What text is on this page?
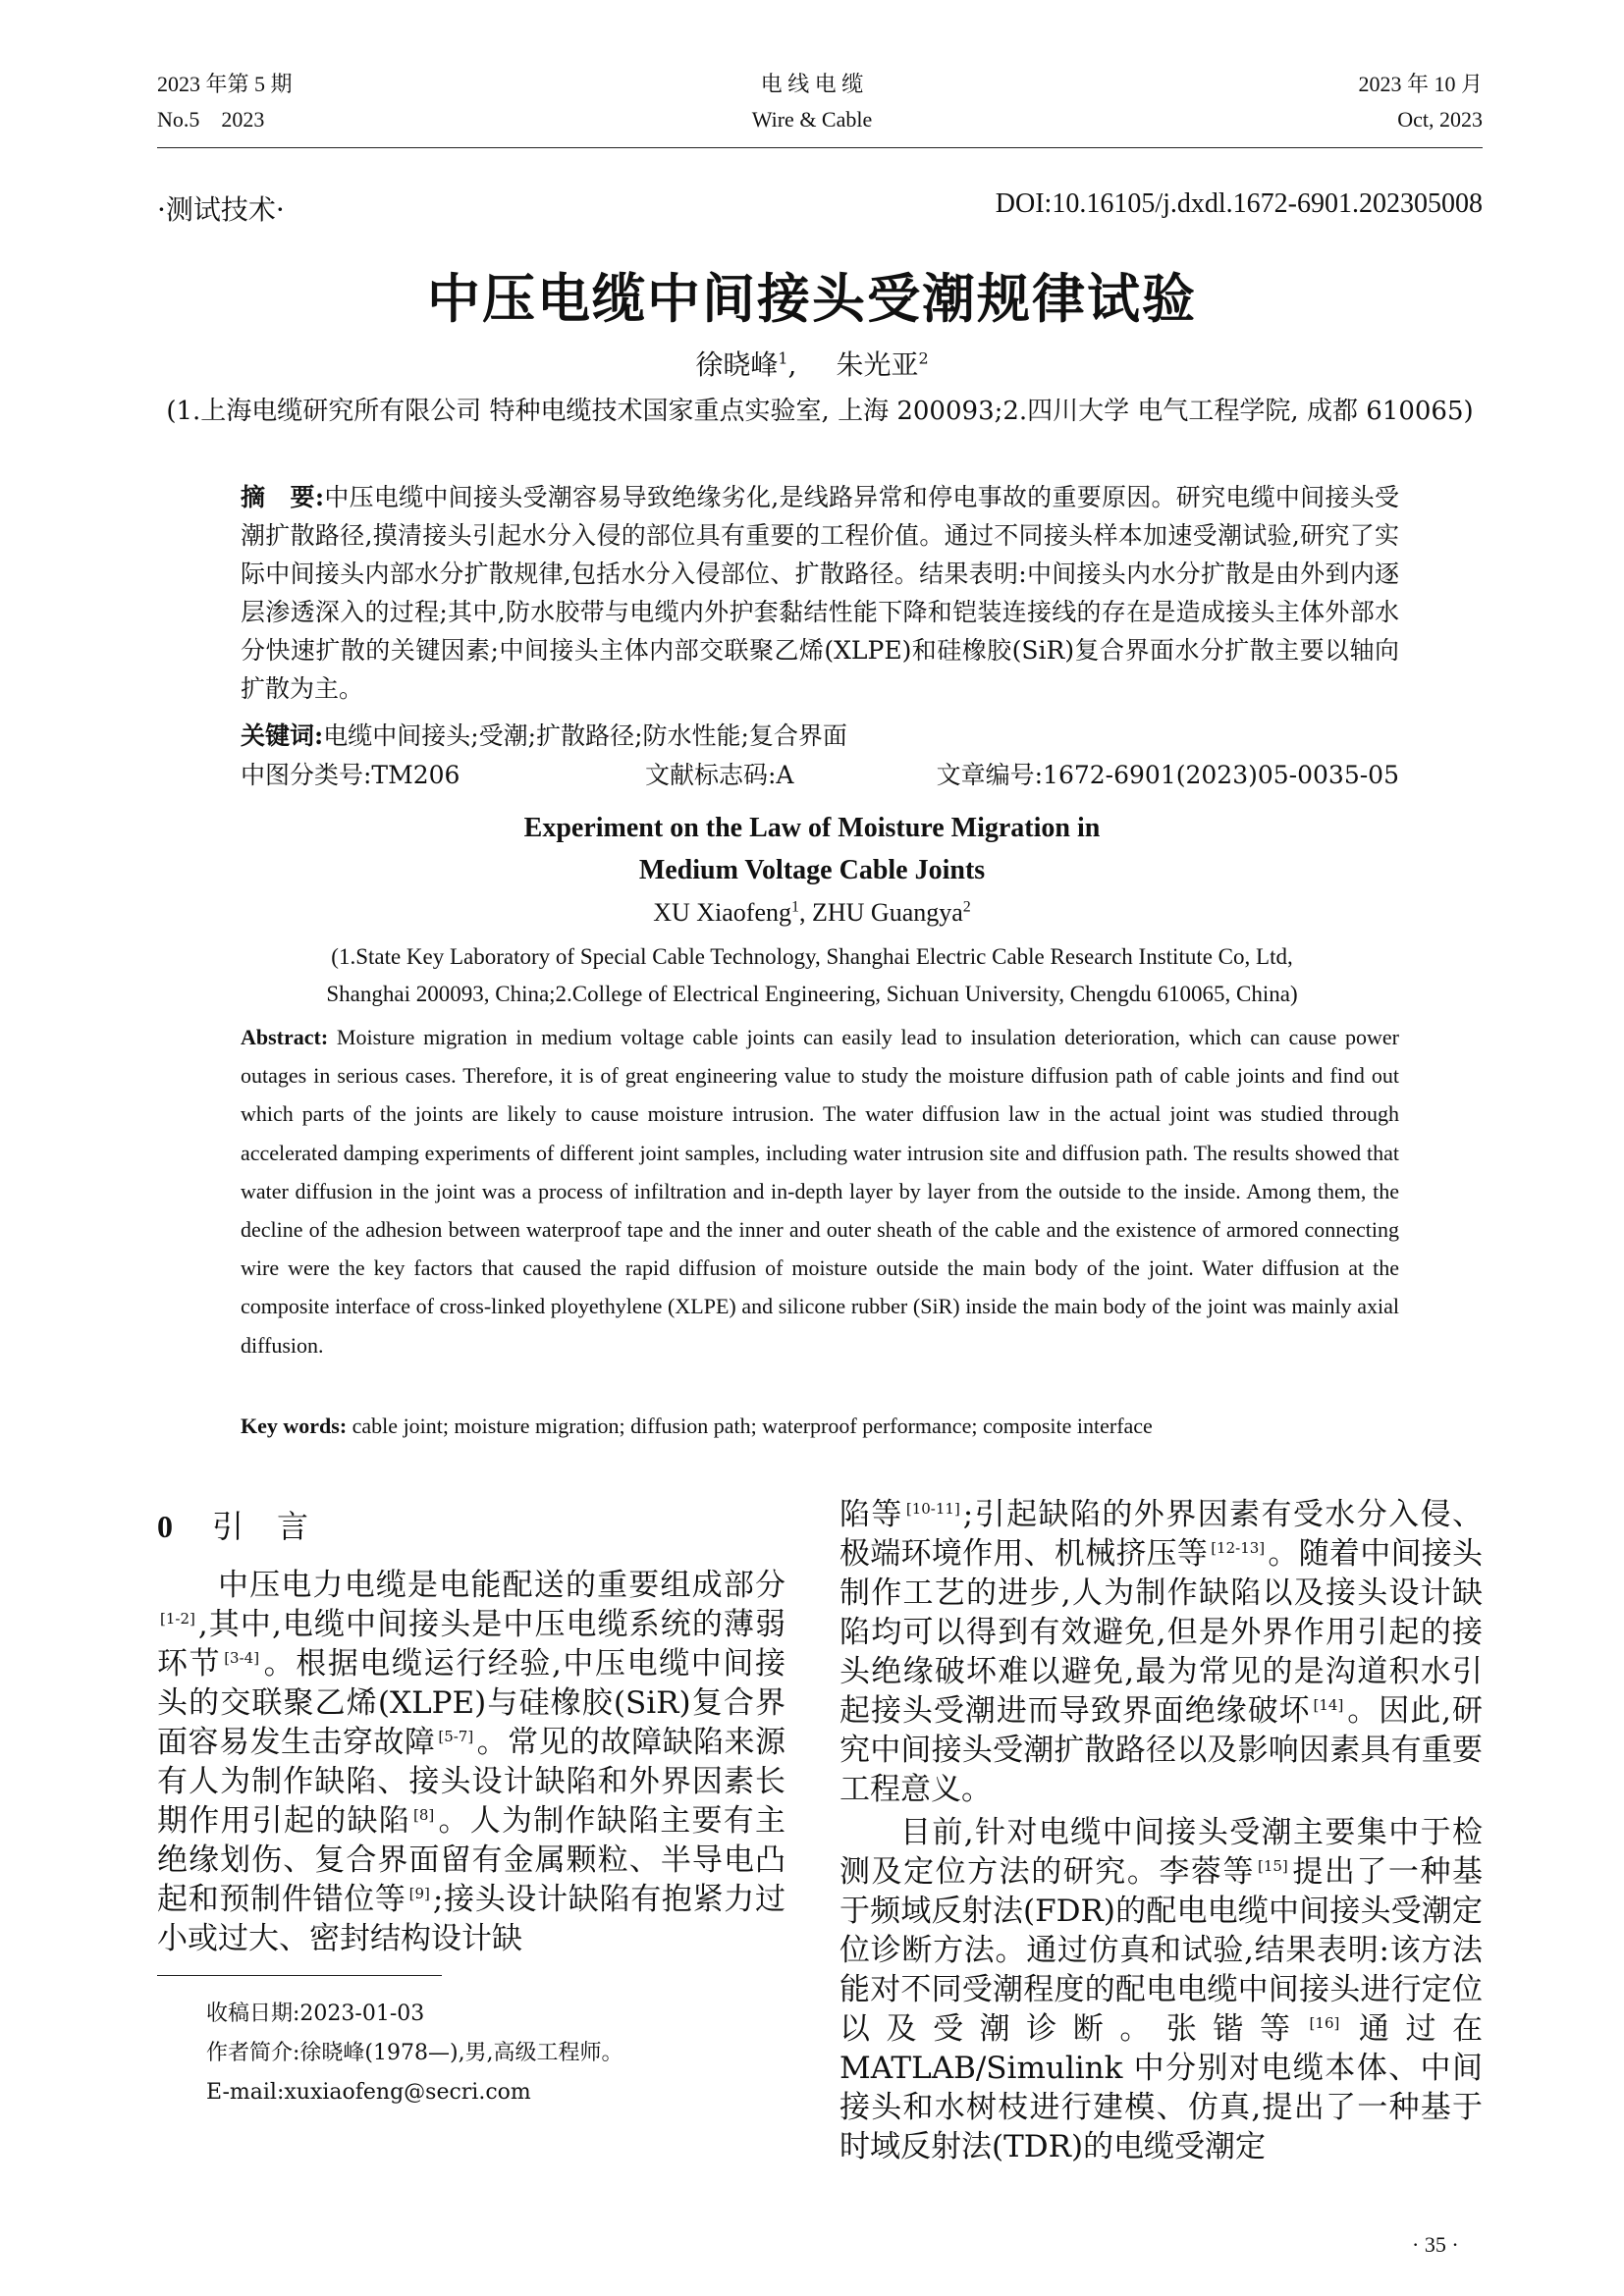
2023 年第 5 期
No.5    2023
电 线 电 缆
Wire & Cable
2023 年 10 月
Oct, 2023
·测试技术·	DOI:10.16105/j.dxdl.1672-6901.202305008
中压电缆中间接头受潮规律试验
徐晓峰$^1$, 朱光亚$^2$
(1.上海电缆研究所有限公司 特种电缆技术国家重点实验室, 上海 200093;2.四川大学 电气工程学院, 成都 610065)
摘　要:中压电缆中间接头受潮容易导致绝缘劣化,是线路异常和停电事故的重要原因。研究电缆中间接头受潮扩散路径,摸清接头引起水分入侵的部位具有重要的工程价值。通过不同接头样本加速受潮试验,研究了实际中间接头内部水分扩散规律,包括水分入侵部位、扩散路径。结果表明:中间接头内水分扩散是由外到内逐层渗透深入的过程;其中,防水胶带与电缆内外护套黏结性能下降和铠装连接线的存在是造成接头主体外部水分快速扩散的关键因素;中间接头主体内部交联聚乙烯(XLPE)和硅橡胶(SiR)复合界面水分扩散主要以轴向扩散为主。
关键词:电缆中间接头;受潮;扩散路径;防水性能;复合界面
中图分类号:TM206	文献标志码:A	文章编号:1672-6901(2023)05-0035-05
Experiment on the Law of Moisture Migration in
Medium Voltage Cable Joints
XU Xiaofeng$^1$, ZHU Guangya$^2$
(1.State Key Laboratory of Special Cable Technology, Shanghai Electric Cable Research Institute Co, Ltd,
Shanghai 200093, China;2.College of Electrical Engineering, Sichuan University, Chengdu 610065, China)
Abstract: Moisture migration in medium voltage cable joints can easily lead to insulation deterioration, which can cause power outages in serious cases. Therefore, it is of great engineering value to study the moisture diffusion path of cable joints and find out which parts of the joints are likely to cause moisture intrusion. The water diffusion law in the actual joint was studied through accelerated damping experiments of different joint samples, including water intrusion site and diffusion path. The results showed that water diffusion in the joint was a process of infiltration and in-depth layer by layer from the outside to the inside. Among them, the decline of the adhesion between waterproof tape and the inner and outer sheath of the cable and the existence of armored connecting wire were the key factors that caused the rapid diffusion of moisture outside the main body of the joint. Water diffusion at the composite interface of cross-linked ployethylene (XLPE) and silicone rubber (SiR) inside the main body of the joint was mainly axial diffusion.
Key words: cable joint; moisture migration; diffusion path; waterproof performance; composite interface
0 引言

中压电力电缆是电能配送的重要组成部分[1-2],其中,电缆中间接头是中压电缆系统的薄弱环节 [3-4]。根据电缆运行经验,中压电缆中间接头的交联聚乙烯(XLPE)与硅橡胶(SiR)复合界面容易发生击穿故障 [5-7]。常见的故障缺陷来源有人为制作缺陷、接头设计缺陷和外界因素长期作用引起的缺陷 [8]。人为制作缺陷主要有主绝缘划伤、复合界面留有金属颗粒、半导电凸起和预制件错位等 [9];接头设计缺陷有抱紧力过小或过大、密封结构设计缺

收稿日期:2023-01-03
作者简介:徐晓峰(1978—),男,高级工程师。
E-mail:xuxiaofeng@secri.com

陷等 [10-11];引起缺陷的外界因素有受水分入侵、极端环境作用、机械挤压等 [12-13]。随着中间接头制作工艺的进步,人为制作缺陷以及接头设计缺陷均可以得到有效避免,但是外界作用引起的接头绝缘破坏难以避免,最为常见的是沟道积水引起接头受潮进而导致界面绝缘破坏 [14]。因此,研究中间接头受潮扩散路径以及影响因素具有重要工程意义。

目前,针对电缆中间接头受潮主要集中于检测及定位方法的研究。李蓉等 [15]提出了一种基于频域反射法(FDR)的配电电缆中间接头受潮定位诊断方法。通过仿真和试验,结果表明:该方法能对不同受潮程度的配电电缆中间接头进行定位以及受潮诊断。张锴等 [16]通过在 MATLAB/Simulink 中分别对电缆本体、中间接头和水树枝进行建模、仿真,提出了一种基于时域反射法(TDR)的电缆受潮定

· 35 ·
